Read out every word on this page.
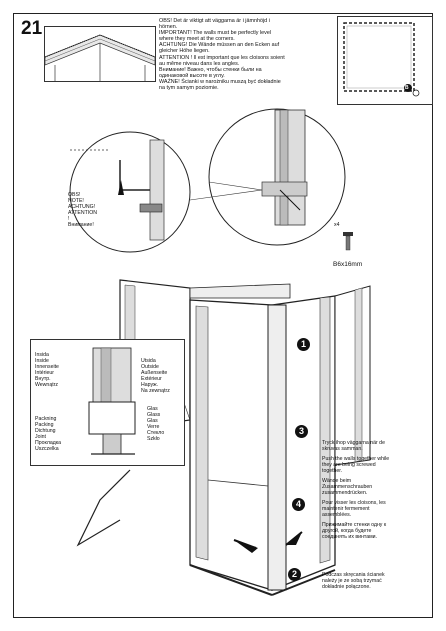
21	OBS! Det är viktigt att väggarna är i jämnhöjd i
hörnen.
IMPORTANT! The walls must be perfectly level
where they meet at the corners.
ACHTUNG! Die Wände müssen an den Ecken auf
gleicher Höhe liegen.
ATTENTION ! Il est important que les cloisons soient
au même niveau dans les angles.
Внимание! Важно, чтобы стенки были на
одинаковой высоте в углу.
WAŻNE! Ścianki w narożniku muszą być dokładnie
na tym samym poziomie.	B
x4
B6x16mm
OBS!
NOTE!
ACHTUNG!
ATTENTION
!
Внимание!
Insida
Inside
Innenseite
Intérieur
Внутр.
Wewnątrz
Utsida
Outside
Außenseite
Extérieur
Наруж.
Na zewnątrz
Glas
Glass
Glas
Verre
Стекло
Szkło
Packning
Packing
Dichtung
Joint
Прокладка
Uszczelka
1
2
3
4
Tryck ihop väggarna när de
skruvas samman.
Push the walls together while
they are being screwed
together.
Wände beim
Zusammenschrauben
zusammendrücken.
Pour visser les cloisons, les
maintenir fermement
assemblées.
Прижимайте стенки одну к
другой, когда будете
соединять их винтами.
Podczas skręcania ścianek
należy je ze sobą trzymać
dokładnie połączone.
